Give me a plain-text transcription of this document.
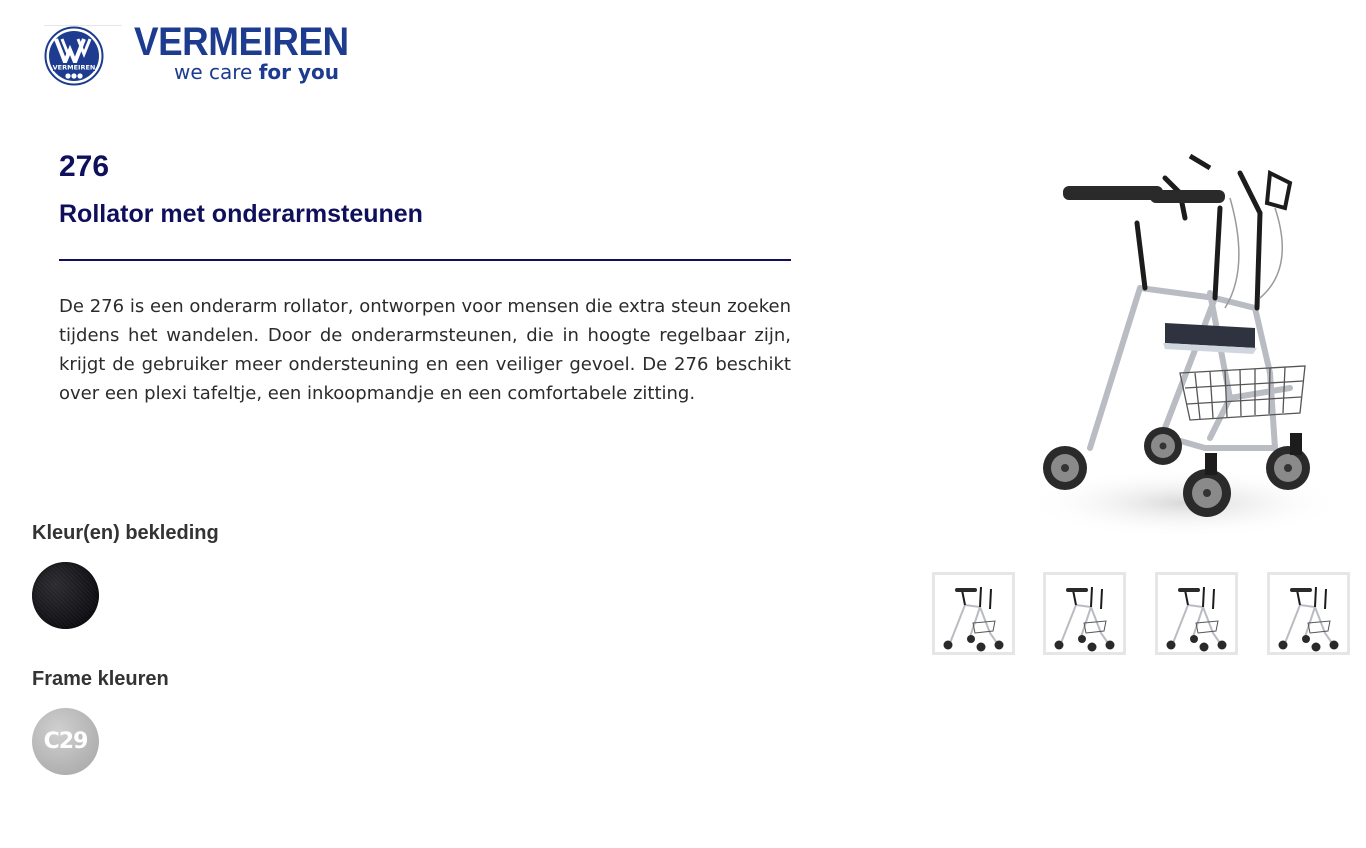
VERMEIREN
VERMEIREN
we care for you
276
Rollator met onderarmsteunen

De 276 is een onderarm rollator, ontworpen voor mensen die extra steun zoeken tijdens het wandelen. Door de onderarmsteunen, die in hoogte regelbaar zijn, krijgt de gebruiker meer ondersteuning en een veiliger gevoel. De 276 beschikt over een plexi tafeltje, een inkoopmandje en een comfortabele zitting.

Kleur(en) bekleding
Frame kleuren
C29
